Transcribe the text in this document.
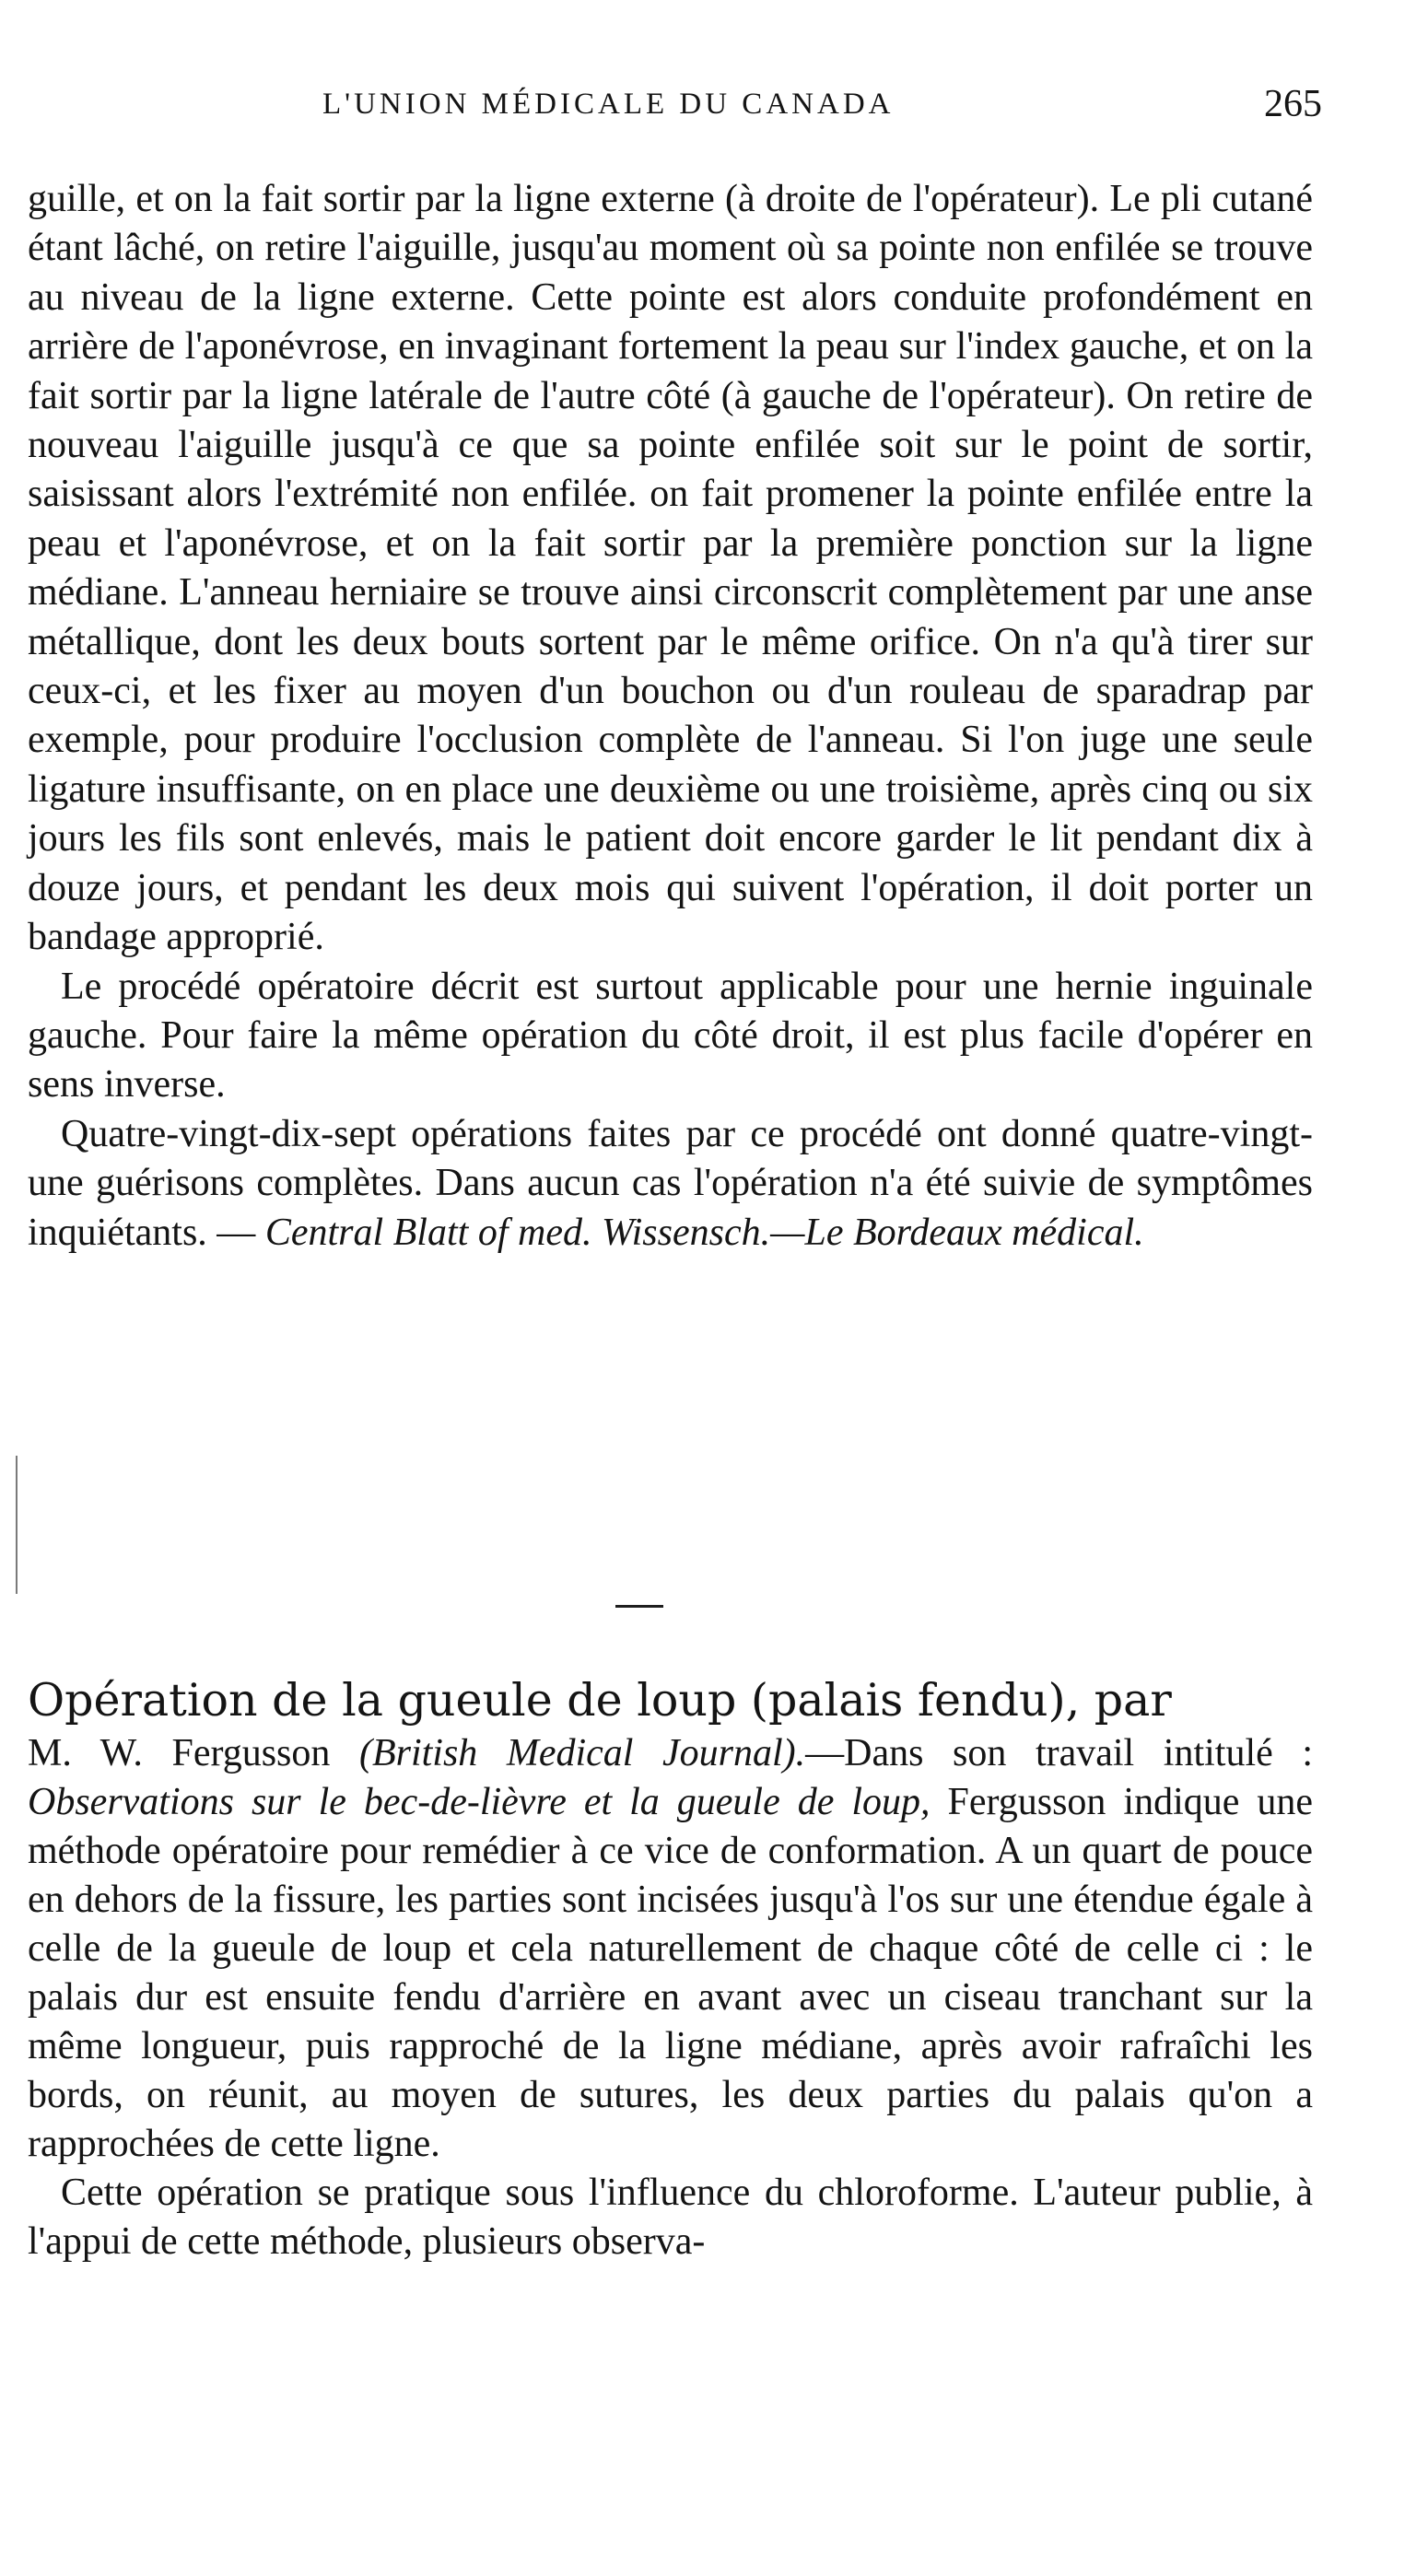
L'UNION MÉDICALE DU CANADA	265

guille, et on la fait sortir par la ligne externe (à droite de l'opérateur). Le pli cutané étant lâché, on retire l'aiguille, jusqu'au moment où sa pointe non enfilée se trouve au niveau de la ligne externe. Cette pointe est alors conduite profondément en arrière de l'aponévrose, en invaginant fortement la peau sur l'index gauche, et on la fait sortir par la ligne latérale de l'autre côté (à gauche de l'opérateur). On retire de nouveau l'aiguille jusqu'à ce que sa pointe enfilée soit sur le point de sortir, saisissant alors l'extrémité non enfilée. on fait promener la pointe enfilée entre la peau et l'aponévrose, et on la fait sortir par la première ponction sur la ligne médiane. L'anneau herniaire se trouve ainsi circonscrit complètement par une anse métallique, dont les deux bouts sortent par le même orifice. On n'a qu'à tirer sur ceux-ci, et les fixer au moyen d'un bouchon ou d'un rouleau de sparadrap par exemple, pour produire l'occlusion complète de l'anneau. Si l'on juge une seule ligature insuffisante, on en place une deuxième ou une troisième, après cinq ou six jours les fils sont enlevés, mais le patient doit encore garder le lit pendant dix à douze jours, et pendant les deux mois qui suivent l'opération, il doit porter un bandage approprié.

Le procédé opératoire décrit est surtout applicable pour une hernie inguinale gauche. Pour faire la même opération du côté droit, il est plus facile d'opérer en sens inverse.

Quatre-vingt-dix-sept opérations faites par ce procédé ont donné quatre-vingt-une guérisons complètes. Dans aucun cas l'opération n'a été suivie de symptômes inquiétants. — Central Blatt of med. Wissensch.—Le Bordeaux médical.

Opération de la gueule de loup (palais fendu), par

M. W. Fergusson (British Medical Journal).—Dans son travail intitulé : Observations sur le bec-de-lièvre et la gueule de loup, Fergusson indique une méthode opératoire pour remédier à ce vice de conformation. A un quart de pouce en dehors de la fissure, les parties sont incisées jusqu'à l'os sur une étendue égale à celle de la gueule de loup et cela naturellement de chaque côté de celle ci : le palais dur est ensuite fendu d'arrière en avant avec un ciseau tranchant sur la même longueur, puis rapproché de la ligne médiane, après avoir rafraîchi les bords, on réunit, au moyen de sutures, les deux parties du palais qu'on a rapprochées de cette ligne.

Cette opération se pratique sous l'influence du chloroforme. L'auteur publie, à l'appui de cette méthode, plusieurs observa-
